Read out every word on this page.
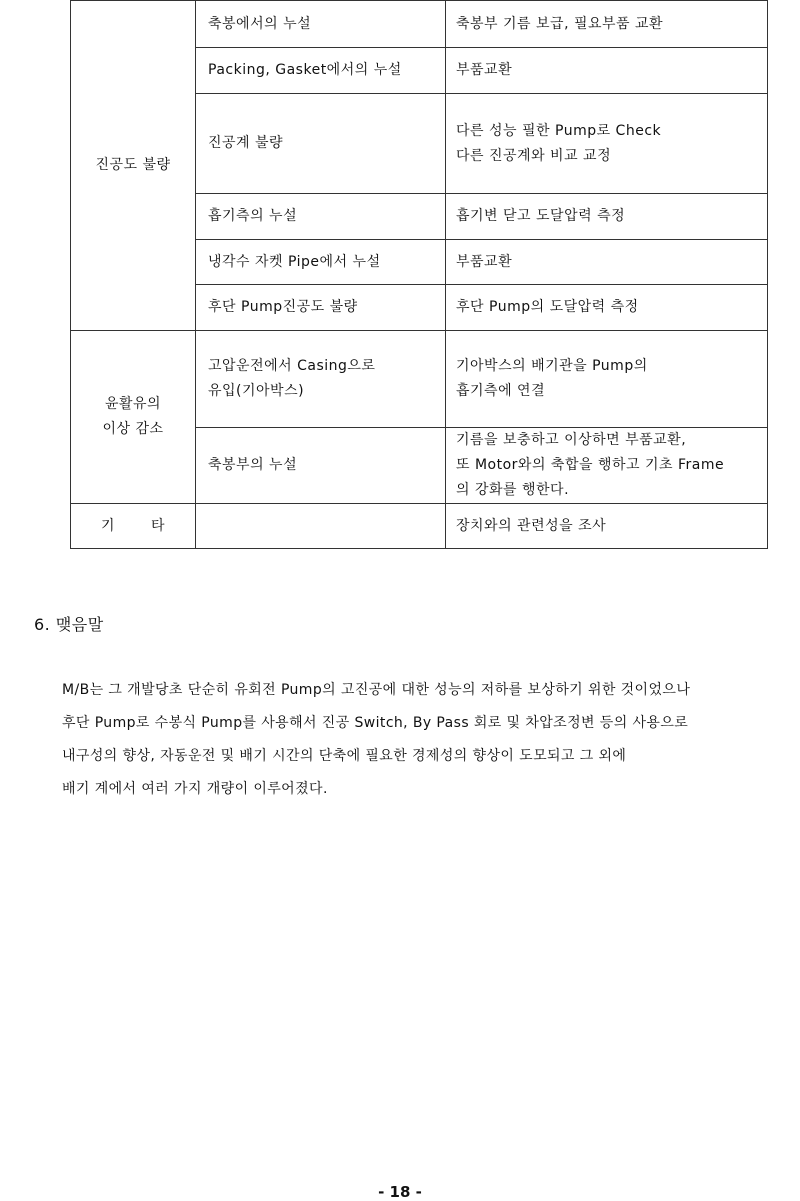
진공도 불량	축봉에서의 누설	축봉부 기름 보급, 필요부품 교환

	Packing, Gasket에서의 누설	부품교환

	진공계 불량	다른 성능 필한 Pump로 Check
다른 진공계와 비교 교정

	흡기측의 누설	흡기변 닫고 도달압력 측정

	냉각수 자켓 Pipe에서 누설	부품교환

	후단 Pump진공도 불량	후단 Pump의 도달압력 측정

윤활유의
이상 감소	고압운전에서 Casing으로
유입(기아박스)	기아박스의 배기관을 Pump의
흡기측에 연결

	축봉부의 누설	기름을 보충하고 이상하면 부품교환,
또 Motor와의 축합을 행하고 기초 Frame
의 강화를 행한다.

기 타		장치와의 관련성을 조사
6. 맺음말
M/B는 그 개발당초 단순히 유회전 Pump의 고진공에 대한 성능의 저하를 보상하기 위한 것이었으나
후단 Pump로 수봉식 Pump를 사용해서 진공 Switch, By Pass 회로 및 차압조정변 등의 사용으로
내구성의 향상, 자동운전 및 배기 시간의 단축에 필요한 경제성의 향상이 도모되고 그 외에
배기 계에서 여러 가지 개량이 이루어졌다.
- 18 -
